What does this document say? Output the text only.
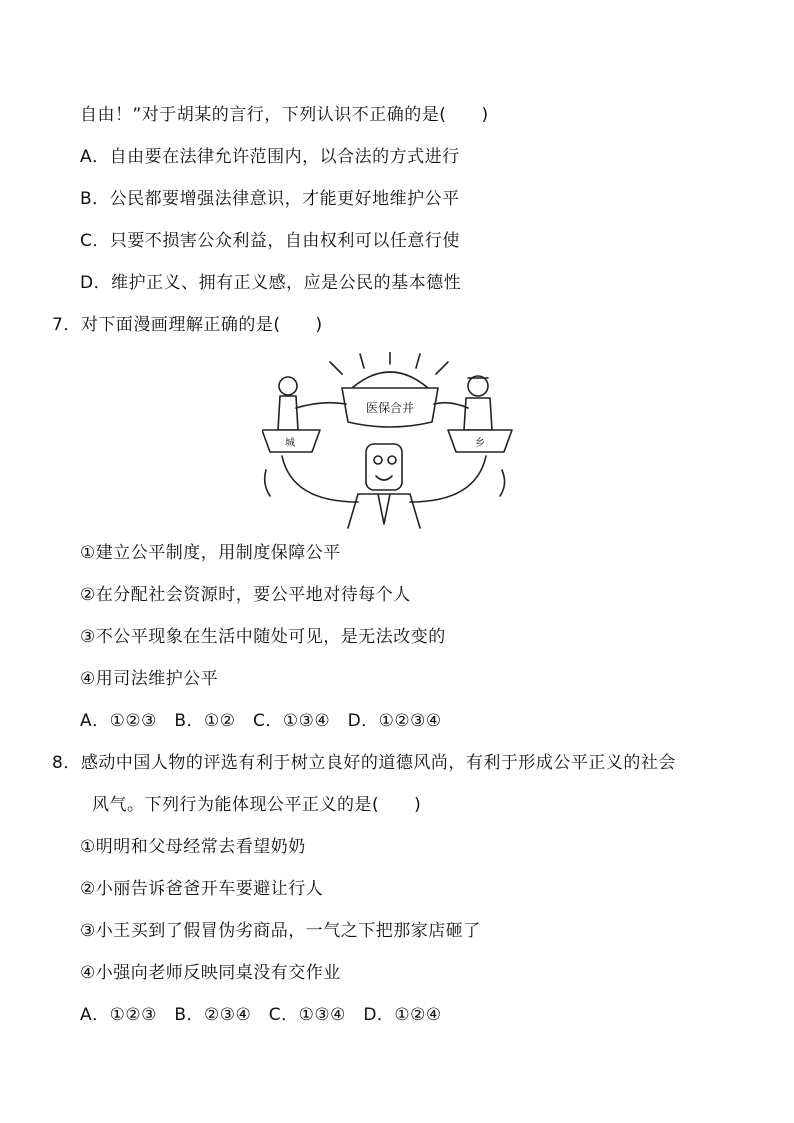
自由！”对于胡某的言行，下列认识不正确的是(　　)
A．自由要在法律允许范围内，以合法的方式进行
B．公民都要增强法律意识，才能更好地维护公平
C．只要不损害公众利益，自由权利可以任意行使
D．维护正义、拥有正义感，应是公民的基本德性
7．对下面漫画理解正确的是(　　)
医保合并
城	乡
①建立公平制度，用制度保障公平
②在分配社会资源时，要公平地对待每个人
③不公平现象在生活中随处可见，是无法改变的
④用司法维护公平
A．①②③　B．①②　C．①③④　D．①②③④
8．感动中国人物的评选有利于树立良好的道德风尚，有利于形成公平正义的社会
风气。下列行为能体现公平正义的是(　　)
①明明和父母经常去看望奶奶
②小丽告诉爸爸开车要避让行人
③小王买到了假冒伪劣商品，一气之下把那家店砸了
④小强向老师反映同桌没有交作业
A．①②③　B．②③④　C．①③④　D．①②④
